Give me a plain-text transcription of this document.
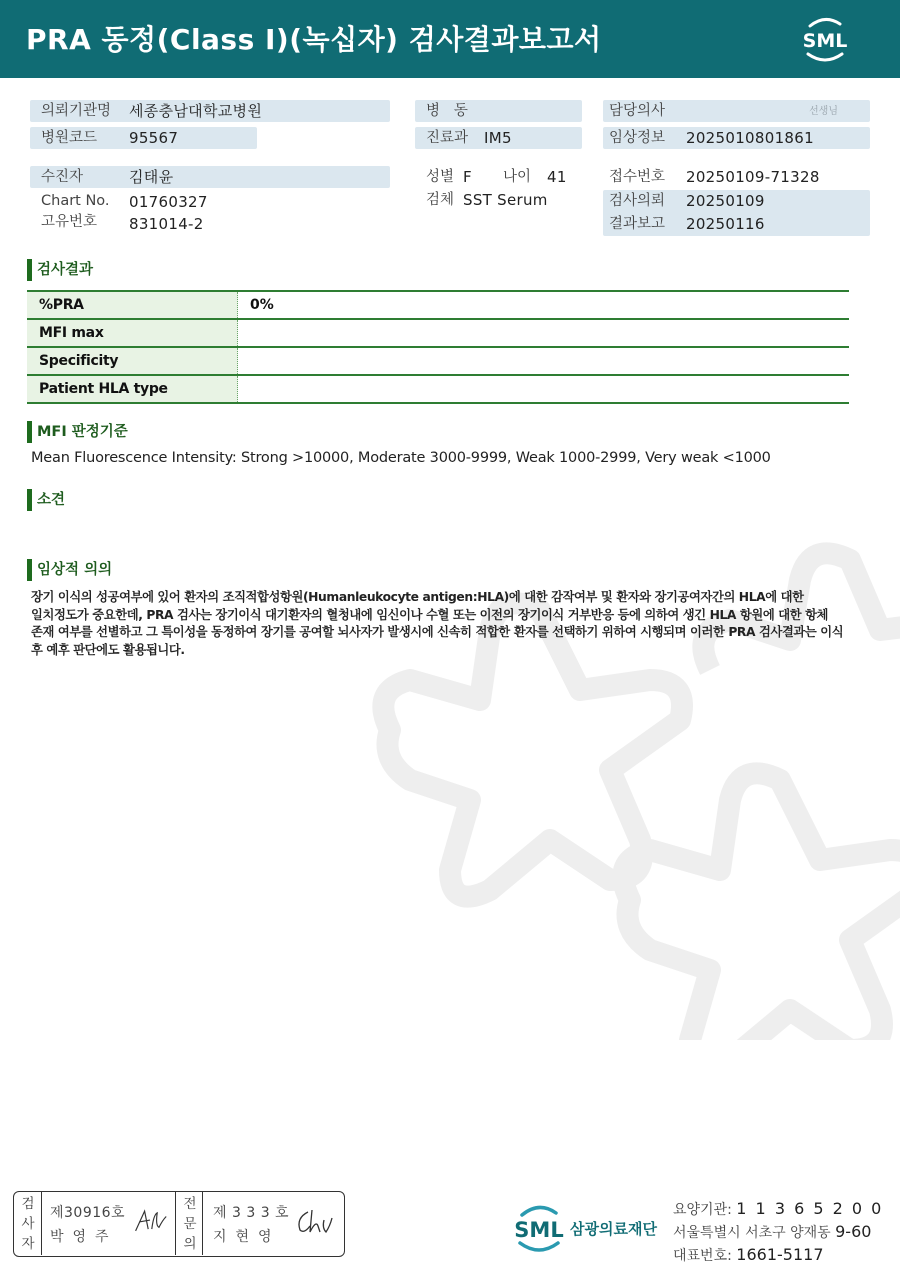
PRA 동정(Class I)(녹십자) 검사결과보고서	SML
의뢰기관명 세종충남대학교병원
병원코드 95567
병   동
진료과 IM5
담당의사	선생님
임상정보 2025010801861
수진자	김태윤
Chart No. 01760327
고유번호 831014-2
성별 F 나이 41
검체 SST Serum
접수번호 20250109-71328
검사의뢰 20250109
결과보고 20250116
검사결과
%PRA	0%
MFI max
Specificity
Patient HLA type
MFI 판정기준
Mean Fluorescence Intensity: Strong >10000, Moderate 3000-9999, Weak 1000-2999, Very weak <1000
소견
임상적 의의
장기 이식의 성공여부에 있어 환자의 조직적합성항원(Humanleukocyte antigen:HLA)에 대한 감작여부 및 환자와 장기공여자간의 HLA에 대한
일치정도가 중요한데, PRA 검사는 장기이식 대기환자의 혈청내에 임신이나 수혈 또는 이전의 장기이식 거부반응 등에 의하여 생긴 HLA 항원에 대한 항체
존재 여부를 선별하고 그 특이성을 동정하여 장기를 공여할 뇌사자가 발생시에 신속히 적합한 환자를 선택하기 위하여 시행되며 이러한 PRA 검사결과는 이식
후 예후 판단에도 활용됩니다.
검
사
자
제30916호
박영주
전
문
의
제 3 3 3 호
지현영	SML 삼광의료재단
요양기관: 1 1 3 6 5 2 0 0
서울특별시 서초구 양재동 9-60
대표번호: 1661-5117
